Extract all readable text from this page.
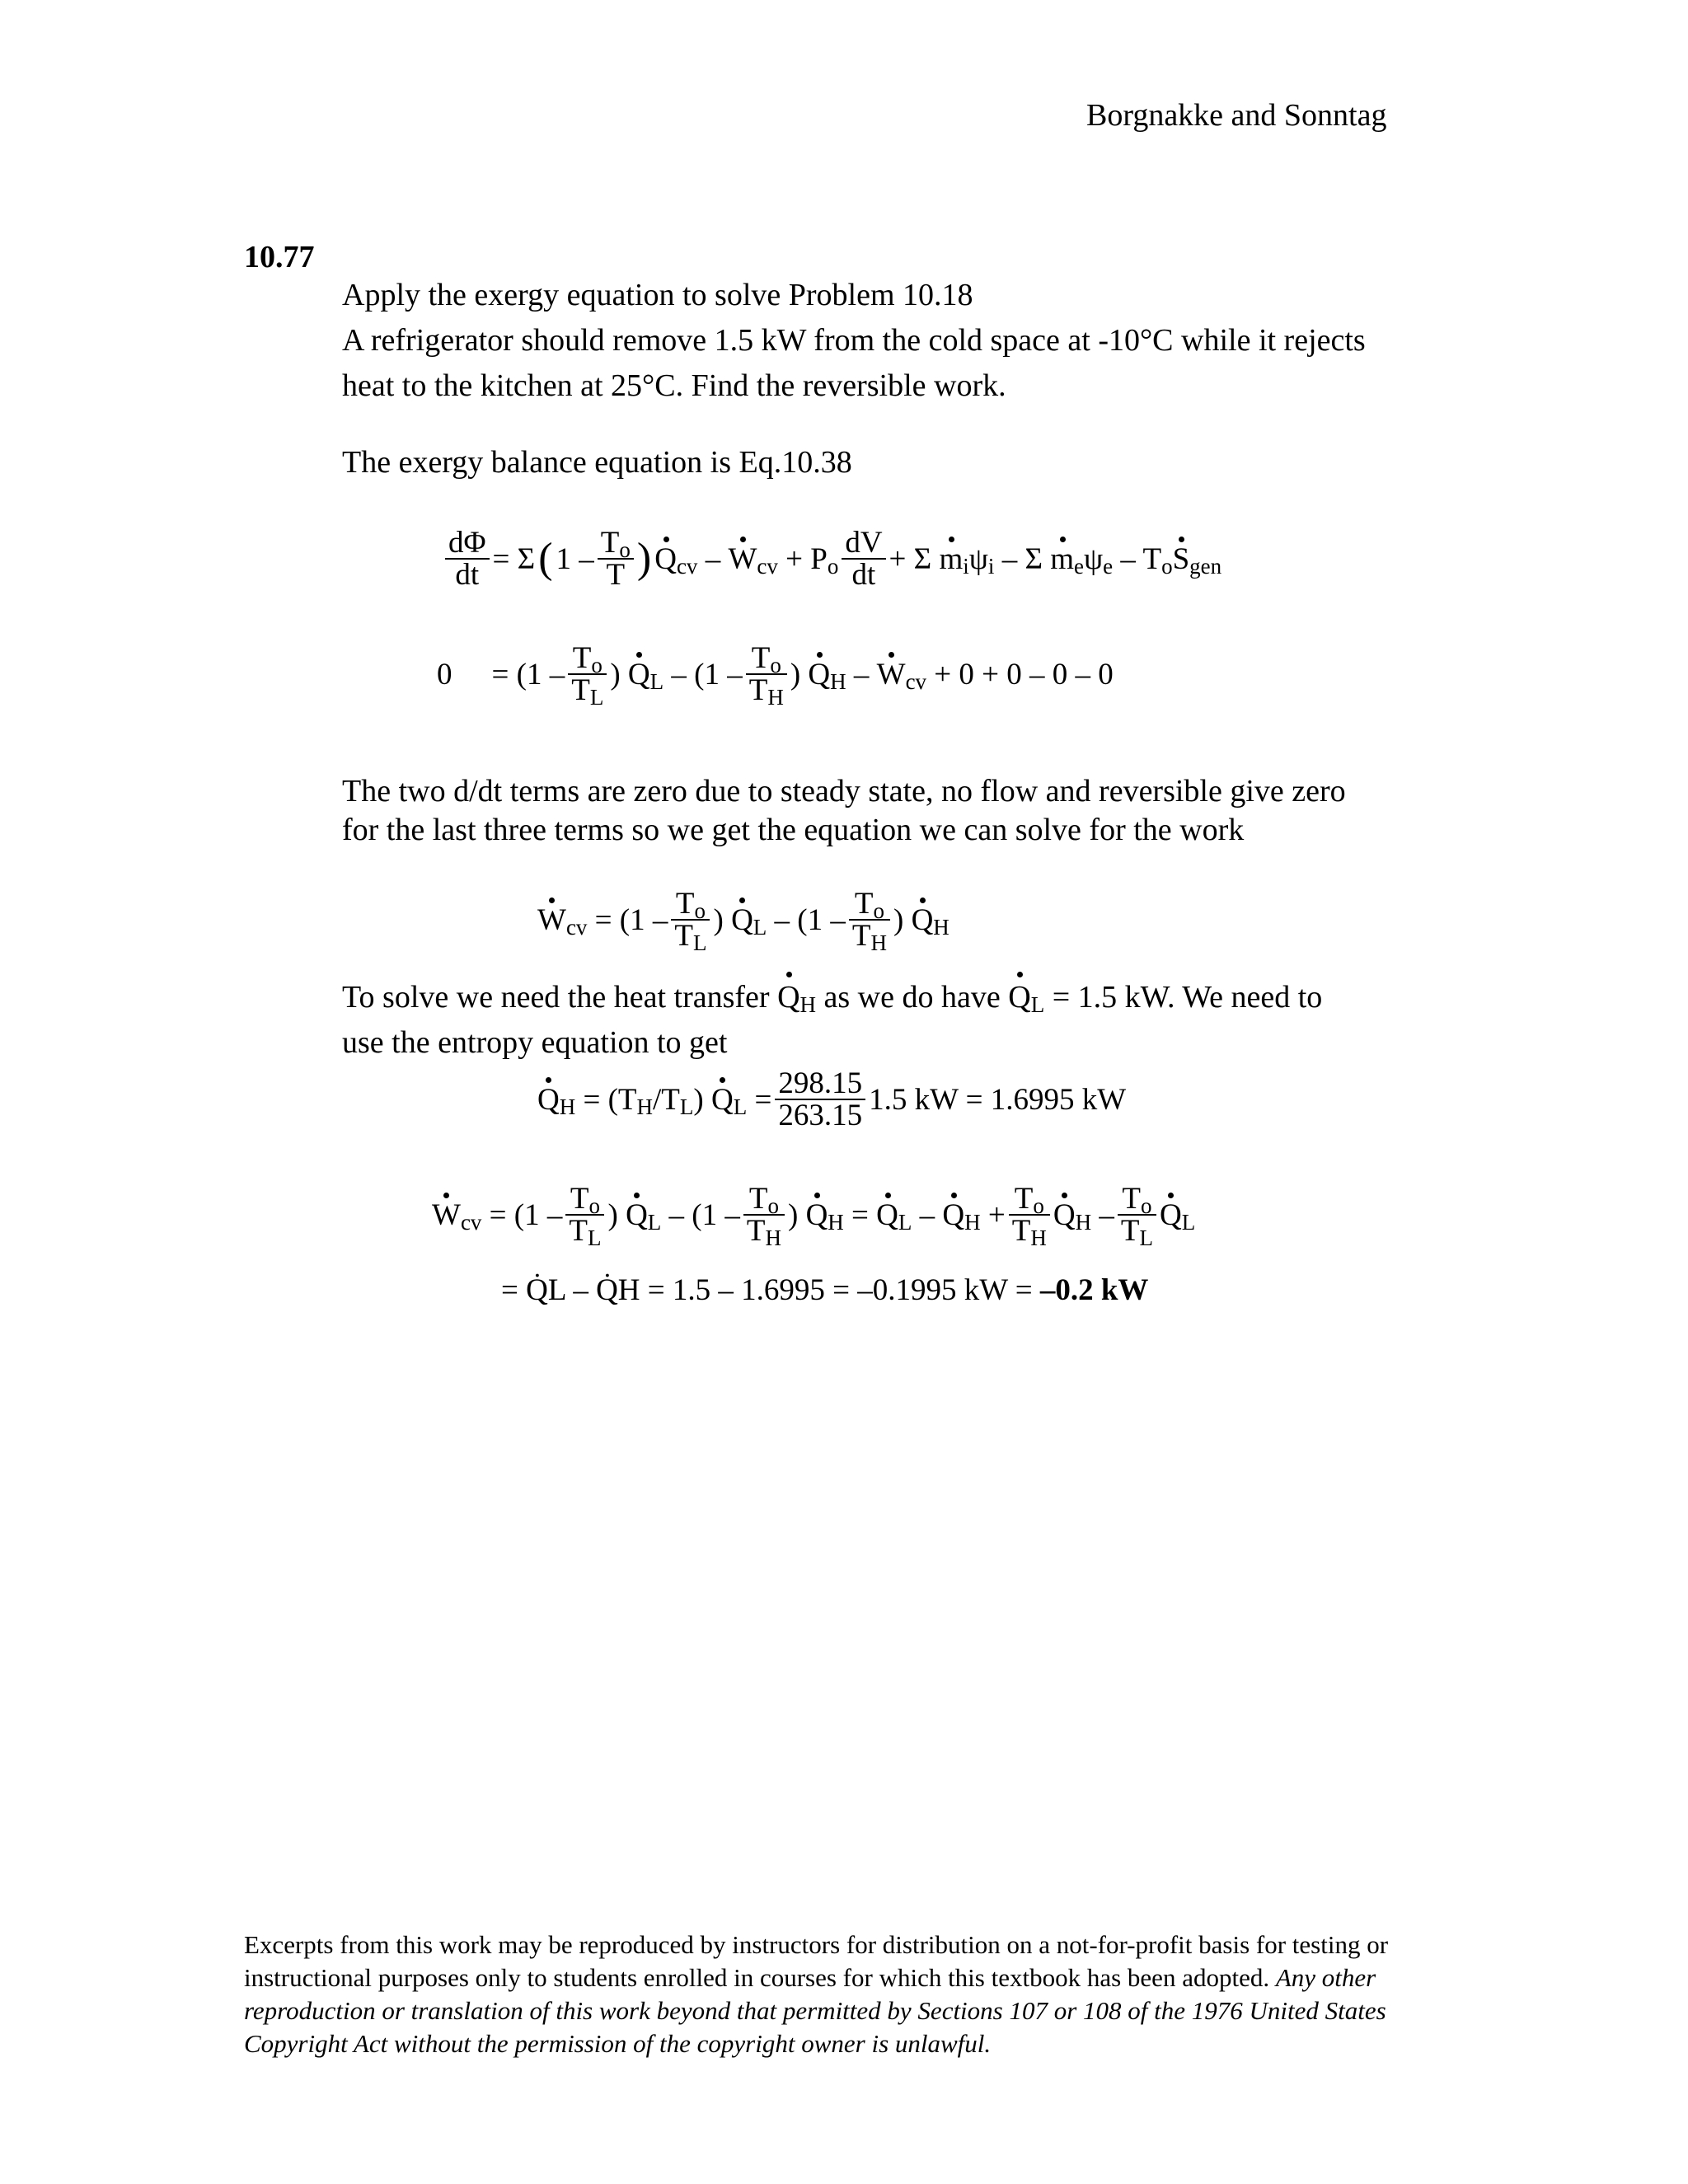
Borgnakke and Sonntag
10.77
Apply the exergy equation to solve Problem 10.18
A refrigerator should remove 1.5 kW from the cold space at -10°C while it rejects
heat to the kitchen at 25°C. Find the reversible work.
The exergy balance equation is Eq.10.38
$\frac{d\Phi}{dt} = \Sigma$ ( $1 - \frac{T_o}{T}$ ) $Q_{cv} - W_{cv} + P_o \frac{dV}{dt} + \Sigma$ $m_i\psi_i$ – Σ $m_e\psi_e - T_oS_{gen}$
$0 = (1 - \frac{T_o}{T_L}$ ) $Q_L - (1 - \frac{T_o}{T_H}$ ) $Q_H - W_{cv} + 0 + 0 - 0 - 0$
The two d/dt terms are zero due to steady state, no flow and reversible give zero
for the last three terms so we get the equation we can solve for the work
$W_{cv} = (1 - \frac{T_o}{T_L}$ ) $Q_L - (1 - \frac{T_o}{T_H}$ ) $Q_H$
To solve we need the heat transfer $Q_H$ as we do have $Q_L = 1.5$ kW. We need to
use the entropy equation to get
$Q_H = (T_H/T_L) Q_L = \frac{298.15}{263.15} 1.5$ kW = 1.6995 kW
$W_{cv} = (1 - \frac{T_o}{T_L}$ ) $Q_L - (1 - \frac{T_o}{T_H}$ ) $Q_H = Q_L - Q_H + \frac{T_o}{T_H} Q_H - \frac{T_o}{T_L} Q_L$
= Q̇L – Q̇H = 1.5 – 1.6995 = –0.1995 kW = –0.2 kW
Excerpts from this work may be reproduced by instructors for distribution on a not-for-profit basis for testing or instructional purposes only to students enrolled in courses for which this textbook has been adopted. Any other reproduction or translation of this work beyond that permitted by Sections 107 or 108 of the 1976 United States Copyright Act without the permission of the copyright owner is unlawful.
